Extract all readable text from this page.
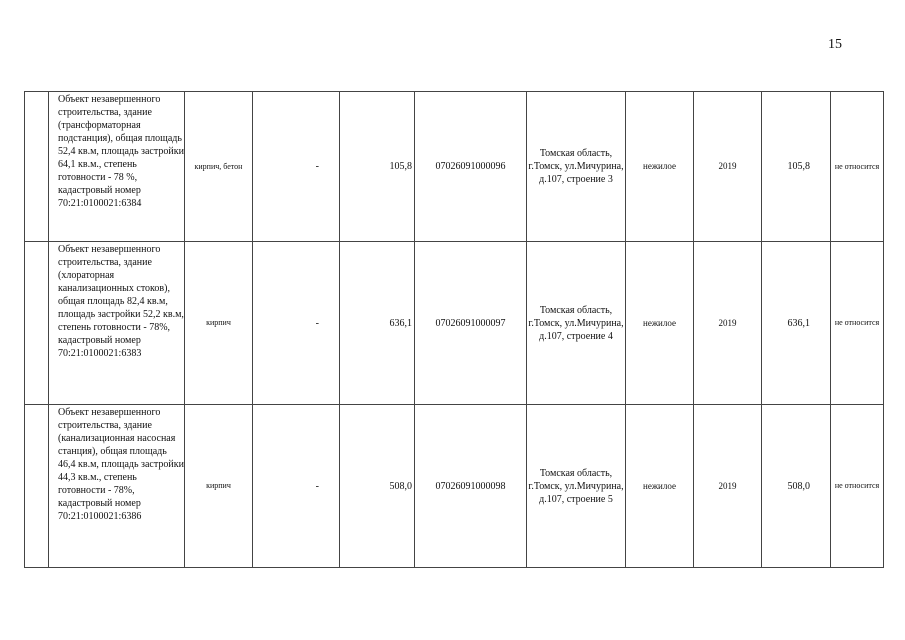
15
	Объект незавершенного строительства, здание (трансформаторная подстанция), общая площадь 52,4 кв.м, площадь застройки 64,1 кв.м., степень готовности - 78 %, кадастровый номер 70:21:0100021:6384	кирпич, бетон	-	105,8	07026091000096	Томская область, г.Томск, ул.Мичурина, д.107, строение 3	нежилое	2019	105,8	не относится
	Объект незавершенного строительства, здание (хлораторная канализационных стоков), общая площадь 82,4 кв.м, площадь застройки 52,2 кв.м, степень готовности - 78%, кадастровый номер 70:21:0100021:6383	кирпич	-	636,1	07026091000097	Томская область, г.Томск, ул.Мичурина, д.107, строение 4	нежилое	2019	636,1	не относится
	Объект незавершенного строительства, здание (канализационная насосная станция), общая площадь 46,4 кв.м, площадь застройки 44,3 кв.м., степень готовности - 78%, кадастровый номер 70:21:0100021:6386	кирпич	-	508,0	07026091000098	Томская область, г.Томск, ул.Мичурина, д.107, строение 5	нежилое	2019	508,0	не относится
